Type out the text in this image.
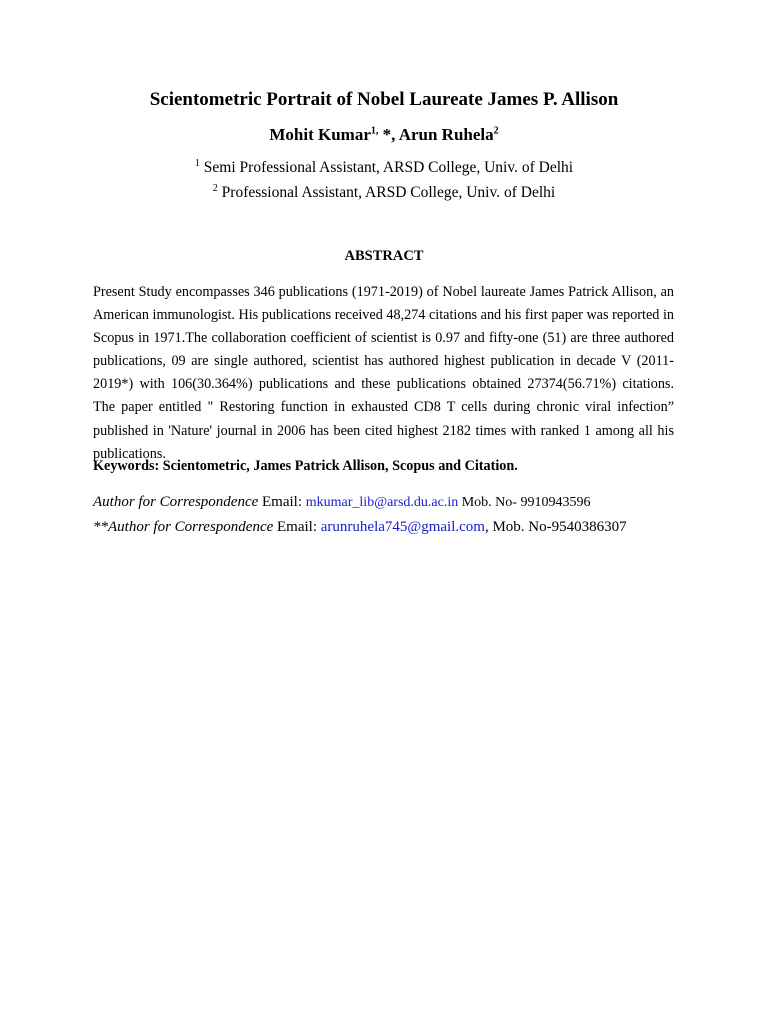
Scientometric Portrait of Nobel Laureate James P. Allison

Mohit Kumar$^{1,}$ *, Arun Ruhela$^2$

$^1$ Semi Professional Assistant, ARSD College, Univ. of Delhi

$^2$ Professional Assistant, ARSD College, Univ. of Delhi

ABSTRACT

Present Study encompasses 346 publications (1971-2019) of Nobel laureate James Patrick Allison, an American immunologist. His publications received 48,274 citations and his first paper was reported in Scopus in 1971.The collaboration coefficient of scientist is 0.97 and fifty-one (51) are three authored publications, 09 are single authored, scientist has authored highest publication in decade V (2011-2019*) with 106(30.364%) publications and these publications obtained 27374(56.71%) citations. The paper entitled " Restoring function in exhausted CD8 T cells during chronic viral infection” published in 'Nature' journal in 2006 has been cited highest 2182 times with ranked 1 among all his publications.

Keywords: Scientometric, James Patrick Allison, Scopus and Citation.

Author for Correspondence Email: mkumar_lib@arsd.du.ac.in Mob. No- 9910943596

**Author for Correspondence Email: arunruhela745@gmail.com, Mob. No-9540386307
